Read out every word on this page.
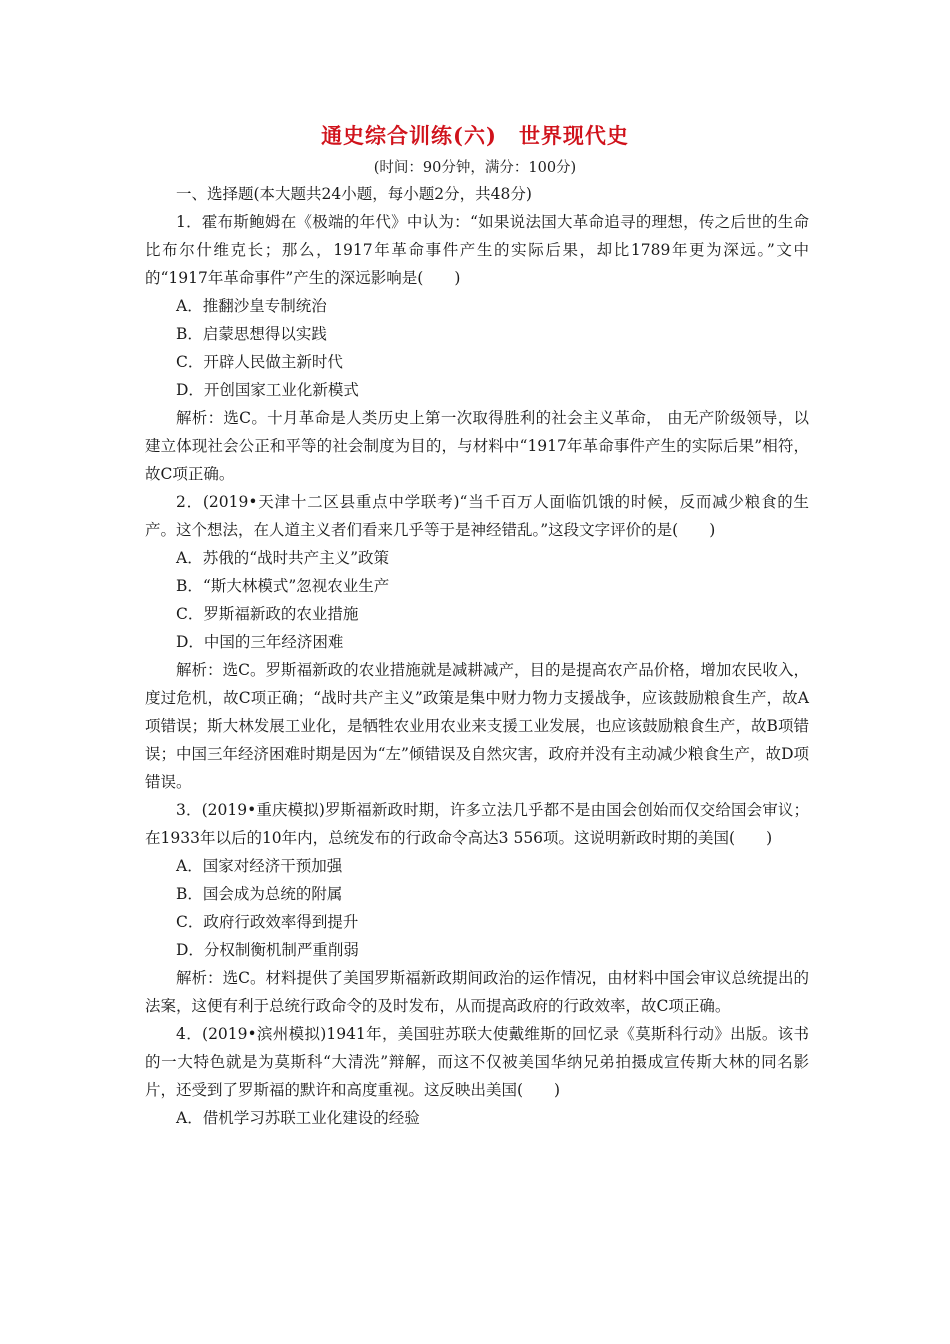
通史综合训练(六) 世界现代史
(时间：90分钟，满分：100分)

一、选择题(本大题共24小题，每小题2分，共48分)

1．霍布斯鲍姆在《极端的年代》中认为：“如果说法国大革命追寻的理想，传之后世的生命比布尔什维克长；那么，1917年革命事件产生的实际后果，却比1789年更为深远。”文中的“1917年革命事件”产生的深远影响是(　　)

A．推翻沙皇专制统治

B．启蒙思想得以实践

C．开辟人民做主新时代

D．开创国家工业化新模式

解析：选C。十月革命是人类历史上第一次取得胜利的社会主义革命， 由无产阶级领导，以建立体现社会公正和平等的社会制度为目的，与材料中“1917年革命事件产生的实际后果”相符，故C项正确。

2．(2019•天津十二区县重点中学联考)“当千百万人面临饥饿的时候，反而减少粮食的生产。这个想法，在人道主义者们看来几乎等于是神经错乱。”这段文字评价的是(　　)

A．苏俄的“战时共产主义”政策

B．“斯大林模式”忽视农业生产

C．罗斯福新政的农业措施

D．中国的三年经济困难

解析：选C。罗斯福新政的农业措施就是减耕减产，目的是提高农产品价格，增加农民收入，度过危机，故C项正确；“战时共产主义”政策是集中财力物力支援战争，应该鼓励粮食生产，故A项错误；斯大林发展工业化，是牺牲农业用农业来支援工业发展，也应该鼓励粮食生产，故B项错误；中国三年经济困难时期是因为“左”倾错误及自然灾害，政府并没有主动减少粮食生产，故D项错误。

3．(2019•重庆模拟)罗斯福新政时期，许多立法几乎都不是由国会创始而仅交给国会审议；在1933年以后的10年内，总统发布的行政命令高达3 556项。这说明新政时期的美国(　　)

A．国家对经济干预加强

B．国会成为总统的附属

C．政府行政效率得到提升

D．分权制衡机制严重削弱

解析：选C。材料提供了美国罗斯福新政期间政治的运作情况，由材料中国会审议总统提出的法案，这便有利于总统行政命令的及时发布，从而提高政府的行政效率，故C项正确。

4．(2019•滨州模拟)1941年，美国驻苏联大使戴维斯的回忆录《莫斯科行动》出版。该书的一大特色就是为莫斯科“大清洗”辩解，而这不仅被美国华纳兄弟拍摄成宣传斯大林的同名影片，还受到了罗斯福的默许和高度重视。这反映出美国(　　)

A．借机学习苏联工业化建设的经验
